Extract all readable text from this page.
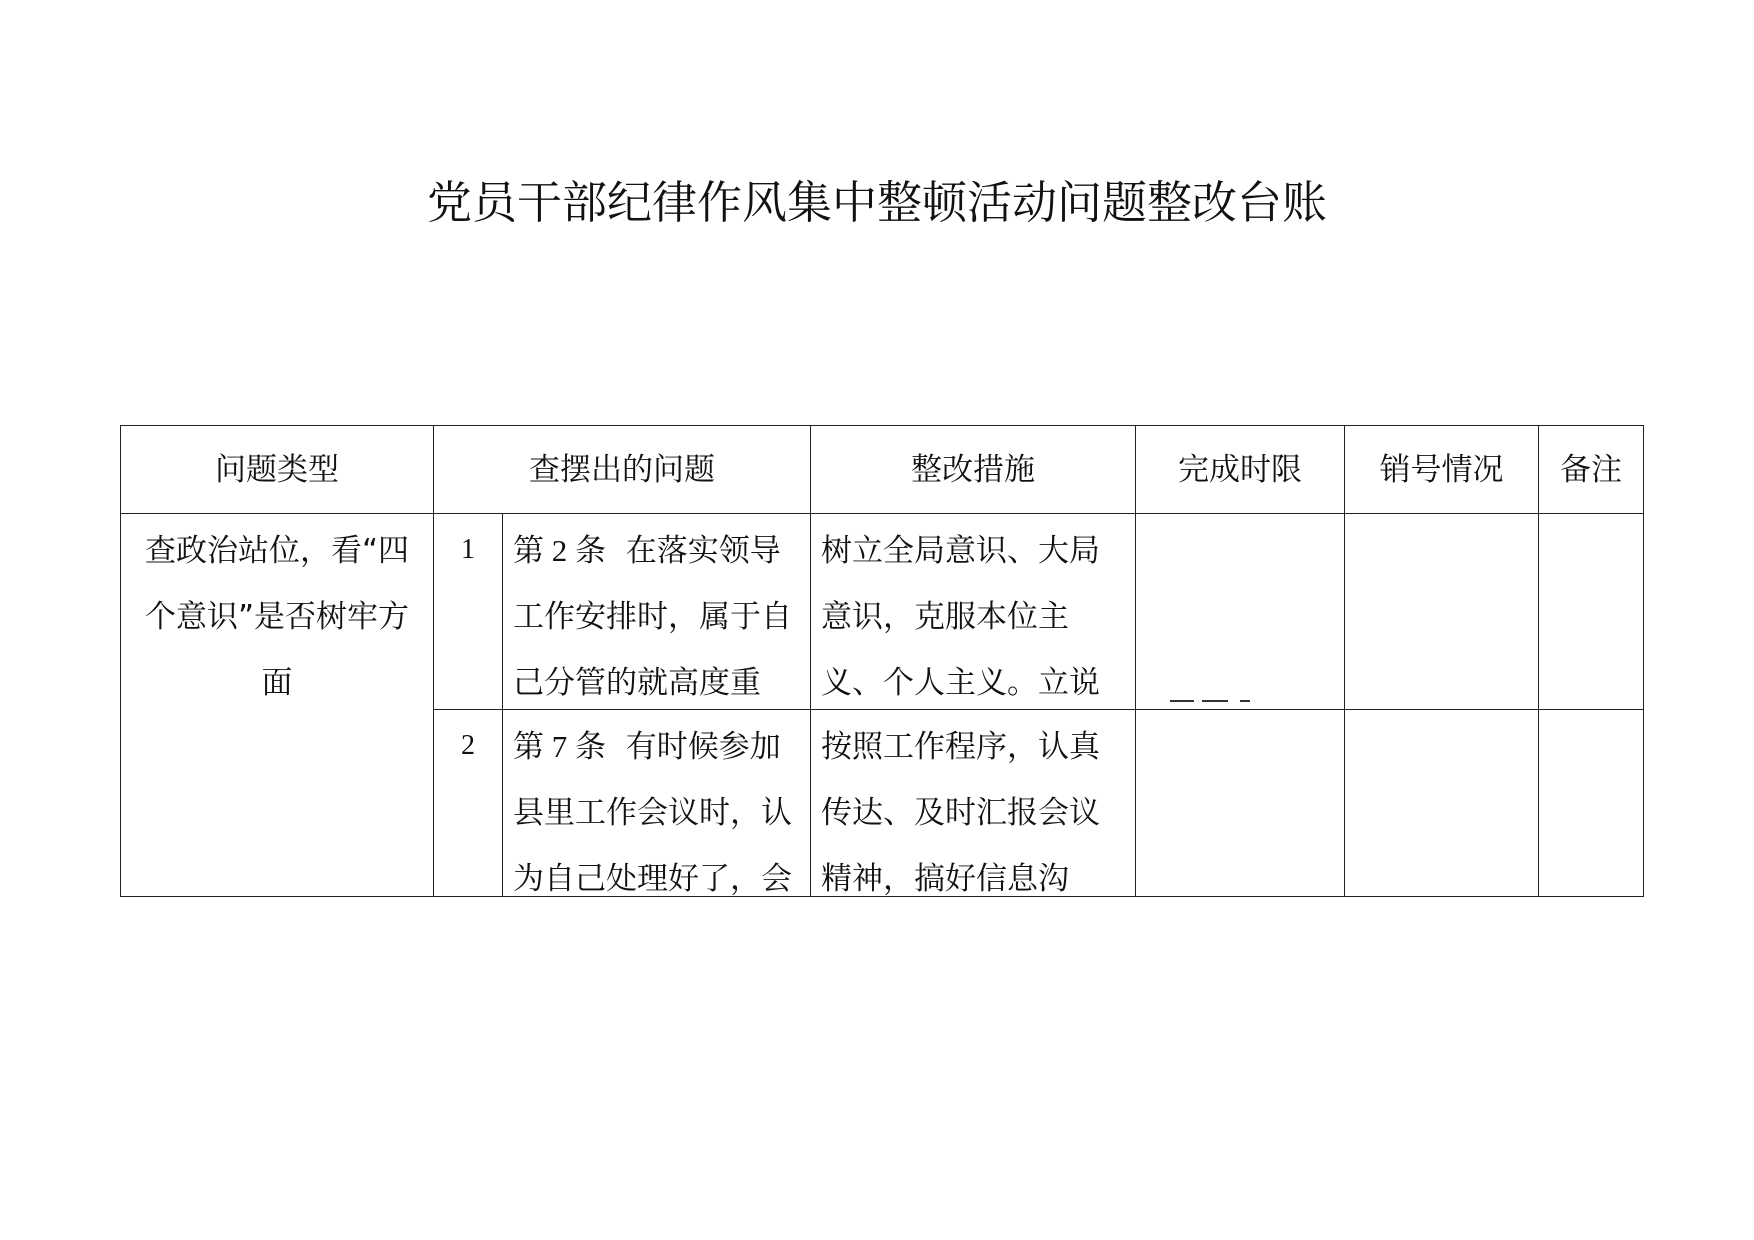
党员干部纪律作风集中整顿活动问题整改台账
问题类型	查摆出的问题		整改措施	完成时限	销号情况	备注

查政治站位，看“四个意识”是否树牢方面	1	第 2 条 在落实领导工作安排时，属于自己分管的就高度重	树立全局意识、大局意识，克服本位主义、个人主义。立说			

	2	第 7 条 有时候参加县里工作会议时，认为自己处理好了，会	按照工作程序，认真传达、及时汇报会议精神，搞好信息沟			
